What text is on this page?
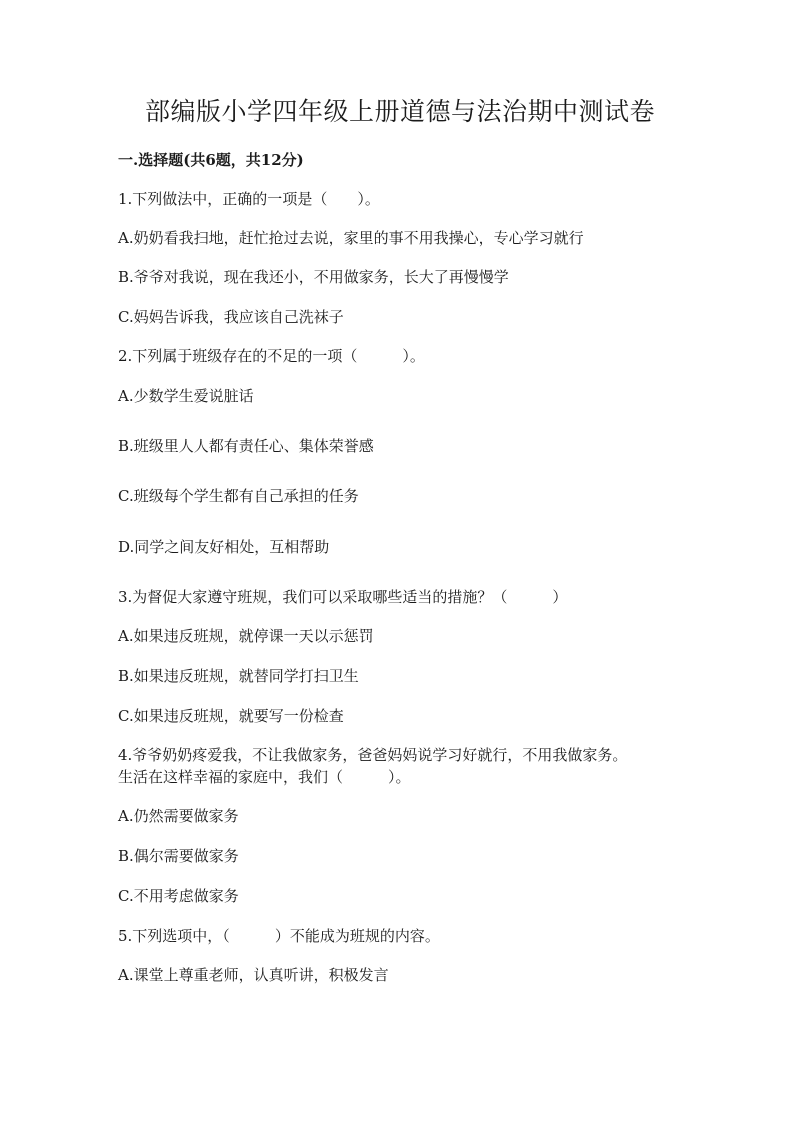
部编版小学四年级上册道德与法治期中测试卷
一.选择题(共6题，共12分)
1.下列做法中，正确的一项是（　　）。
A.奶奶看我扫地，赶忙抢过去说，家里的事不用我操心，专心学习就行
B.爷爷对我说，现在我还小，不用做家务，长大了再慢慢学
C.妈妈告诉我，我应该自己洗袜子
2.下列属于班级存在的不足的一项（　　　）。
A.少数学生爱说脏话
B.班级里人人都有责任心、集体荣誉感
C.班级每个学生都有自己承担的任务
D.同学之间友好相处，互相帮助
3.为督促大家遵守班规，我们可以采取哪些适当的措施？（　　　）
A.如果违反班规，就停课一天以示惩罚
B.如果违反班规，就替同学打扫卫生
C.如果违反班规，就要写一份检查
4.爷爷奶奶疼爱我，不让我做家务，爸爸妈妈说学习好就行，不用我做家务。
生活在这样幸福的家庭中，我们（　　　）。
A.仍然需要做家务
B.偶尔需要做家务
C.不用考虑做家务
5.下列选项中，（　　　）不能成为班规的内容。
A.课堂上尊重老师，认真听讲，积极发言
